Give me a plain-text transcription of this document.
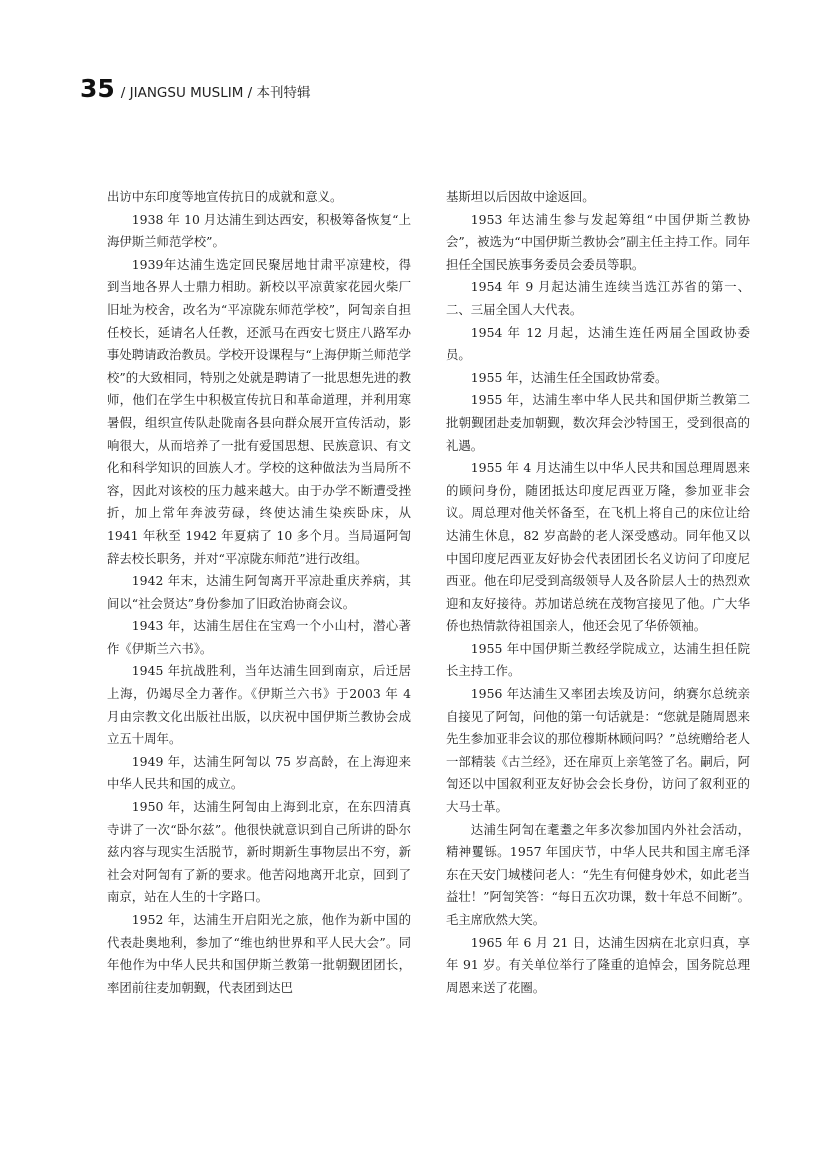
35 / JIANGSU MUSLIM / 本刊特辑

出访中东印度等地宣传抗日的成就和意义。

1938 年 10 月达浦生到达西安，积极筹备恢复“上海伊斯兰师范学校”。

1939年达浦生选定回民聚居地甘肃平凉建校，得到当地各界人士鼎力相助。新校以平凉黄家花园火柴厂旧址为校舍，改名为“平凉陇东师范学校”，阿訇亲自担任校长，延请名人任教，还派马在西安七贤庄八路军办事处聘请政治教员。学校开设课程与“上海伊斯兰师范学校”的大致相同，特别之处就是聘请了一批思想先进的教师，他们在学生中积极宣传抗日和革命道理，并利用寒暑假，组织宣传队赴陇南各县向群众展开宣传活动，影响很大，从而培养了一批有爱国思想、民族意识、有文化和科学知识的回族人才。学校的这种做法为当局所不容，因此对该校的压力越来越大。由于办学不断遭受挫折，加上常年奔波劳碌，终使达浦生染疾卧床，从1941 年秋至 1942 年夏病了 10 多个月。当局逼阿訇辞去校长职务，并对“平凉陇东师范”进行改组。

1942 年末，达浦生阿訇离开平凉赴重庆养病，其间以“社会贤达”身份参加了旧政治协商会议。

1943 年，达浦生居住在宝鸡一个小山村，潜心著作《伊斯兰六书》。

1945 年抗战胜利，当年达浦生回到南京，后迁居上海，仍竭尽全力著作。《伊斯兰六书》于2003 年 4 月由宗教文化出版社出版，以庆祝中国伊斯兰教协会成立五十周年。

1949 年，达浦生阿訇以 75 岁高龄，在上海迎来中华人民共和国的成立。

1950 年，达浦生阿訇由上海到北京，在东四清真寺讲了一次“卧尔兹”。他很快就意识到自己所讲的卧尔兹内容与现实生活脱节，新时期新生事物层出不穷，新社会对阿訇有了新的要求。他苦闷地离开北京，回到了南京，站在人生的十字路口。

1952 年，达浦生开启阳光之旅，他作为新中国的代表赴奥地利，参加了“维也纳世界和平人民大会”。同年他作为中华人民共和国伊斯兰教第一批朝觐团团长，率团前往麦加朝觐，代表团到达巴

基斯坦以后因故中途返回。

1953 年达浦生参与发起筹组“中国伊斯兰教协会”，被选为“中国伊斯兰教协会”副主任主持工作。同年担任全国民族事务委员会委员等职。

1954 年 9 月起达浦生连续当选江苏省的第一、二、三届全国人大代表。

1954 年 12 月起，达浦生连任两届全国政协委员。

1955 年，达浦生任全国政协常委。

1955 年，达浦生率中华人民共和国伊斯兰教第二批朝觐团赴麦加朝觐，数次拜会沙特国王，受到很高的礼遇。

1955 年 4 月达浦生以中华人民共和国总理周恩来的顾问身份，随团抵达印度尼西亚万隆，参加亚非会议。周总理对他关怀备至，在飞机上将自己的床位让给达浦生休息，82 岁高龄的老人深受感动。同年他又以中国印度尼西亚友好协会代表团团长名义访问了印度尼西亚。他在印尼受到高级领导人及各阶层人士的热烈欢迎和友好接待。苏加诺总统在茂物宫接见了他。广大华侨也热情款待祖国亲人，他还会见了华侨领袖。

1955 年中国伊斯兰教经学院成立，达浦生担任院长主持工作。

1956 年达浦生又率团去埃及访问，纳赛尔总统亲自接见了阿訇，问他的第一句话就是：“您就是随周恩来先生参加亚非会议的那位穆斯林顾问吗？”总统赠给老人一部精装《古兰经》，还在扉页上亲笔签了名。嗣后，阿訇还以中国叙利亚友好协会会长身份，访问了叙利亚的大马士革。

达浦生阿訇在耄耋之年多次参加国内外社会活动，精神矍铄。1957 年国庆节，中华人民共和国主席毛泽东在天安门城楼问老人：“先生有何健身妙术，如此老当益壮！”阿訇笑答：“每日五次功课，数十年总不间断”。毛主席欣然大笑。

1965 年 6 月 21 日，达浦生因病在北京归真，享年 91 岁。有关单位举行了隆重的追悼会，国务院总理周恩来送了花圈。
